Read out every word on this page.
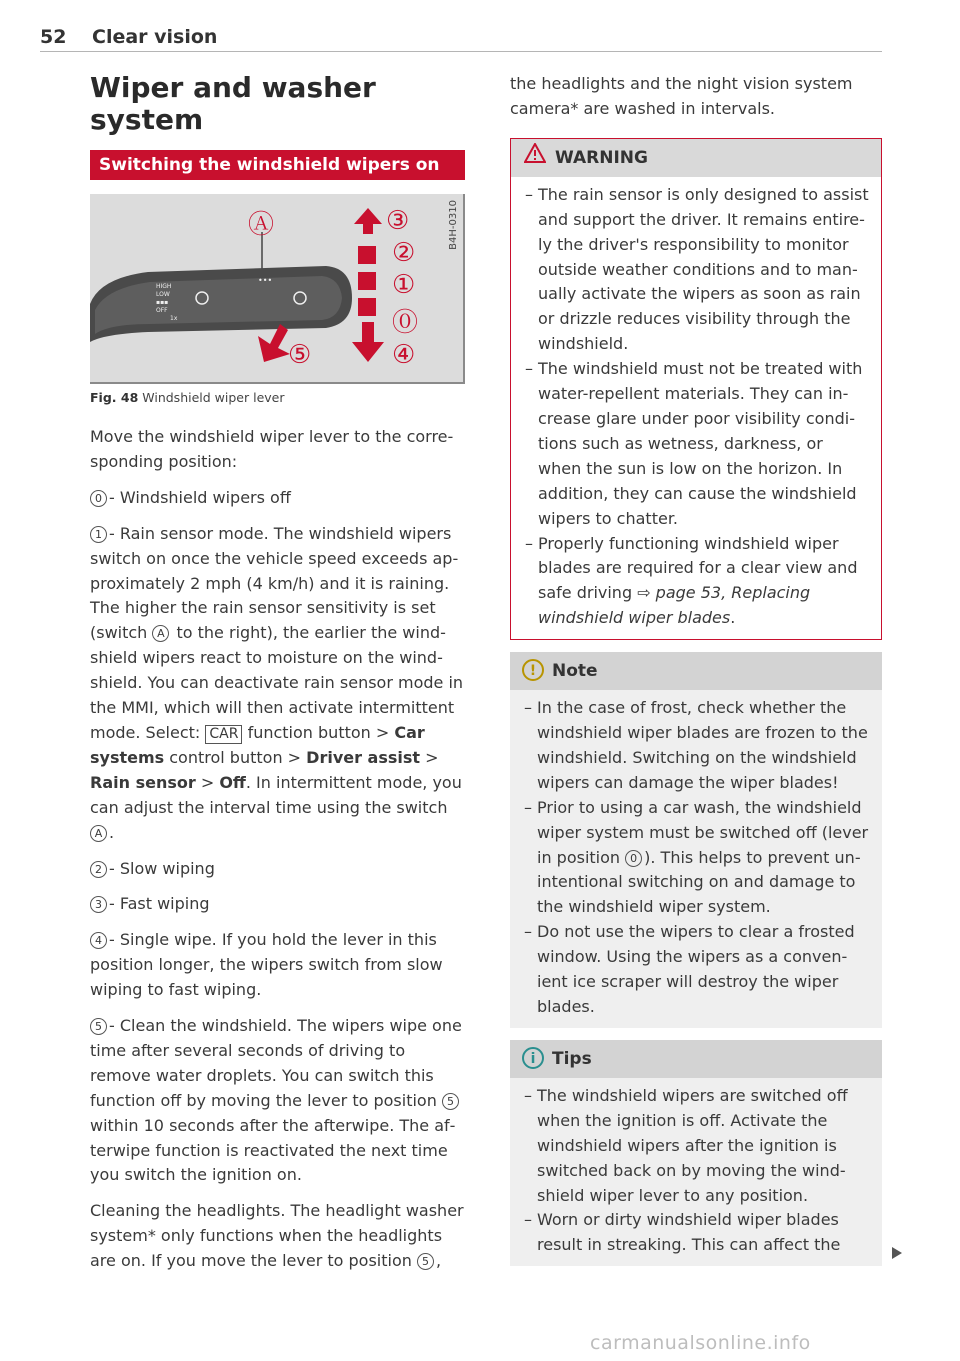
52 Clear vision
Wiper and washer system
Switching the windshield wipers on
HIGH
LOW
▪▪▪
OFF
1x
•••
Ⓐ	③
②
①
⓪
④
⑤
B4H-0310
Fig. 48 Windshield wiper lever

Move the windshield wiper lever to the corresponding position:

0 - Windshield wipers off

1 - Rain sensor mode. The windshield wipers switch on once the vehicle speed exceeds approximately 2 mph (4 km/h) and it is raining. The higher the rain sensor sensitivity is set (switch A to the right), the earlier the windshield wipers react to moisture on the windshield. You can deactivate rain sensor mode in the MMI, which will then activate intermittent mode. Select: CAR function button > Car systems control button > Driver assist > Rain sensor > Off. In intermittent mode, you can adjust the interval time using the switch A .

2 - Slow wiping

3 - Fast wiping

4 - Single wipe. If you hold the lever in this position longer, the wipers switch from slow wiping to fast wiping.

5 - Clean the windshield. The wipers wipe one time after several seconds of driving to remove water droplets. You can switch this function off by moving the lever to position 5 within 10 seconds after the afterwipe. The afterwipe function is reactivated the next time you switch the ignition on.

Cleaning the headlights. The headlight washer system* only functions when the headlights are on. If you move the lever to position 5 ,

the headlights and the night vision system camera* are washed in intervals.
WARNING
– The rain sensor is only designed to assist and support the driver. It remains entirely the driver's responsibility to monitor outside weather conditions and to manually activate the wipers as soon as rain or drizzle reduces visibility through the windshield.
– The windshield must not be treated with water-repellent materials. They can increase glare under poor visibility conditions such as wetness, darkness, or when the sun is low on the horizon. In addition, they can cause the windshield wipers to chatter.
– Properly functioning windshield wiper blades are required for a clear view and safe driving ⇨ page 53, Replacing windshield wiper blades.
! Note
– In the case of frost, check whether the windshield wiper blades are frozen to the windshield. Switching on the windshield wipers can damage the wiper blades!
– Prior to using a car wash, the windshield wiper system must be switched off (lever in position 0 ). This helps to prevent unintentional switching on and damage to the windshield wiper system.
– Do not use the wipers to clear a frosted window. Using the wipers as a convenient ice scraper will destroy the wiper blades.
i Tips
– The windshield wipers are switched off when the ignition is off. Activate the windshield wipers after the ignition is switched back on by moving the windshield wiper lever to any position.
– Worn or dirty windshield wiper blades result in streaking. This can affect the
carmanualsonline.info
